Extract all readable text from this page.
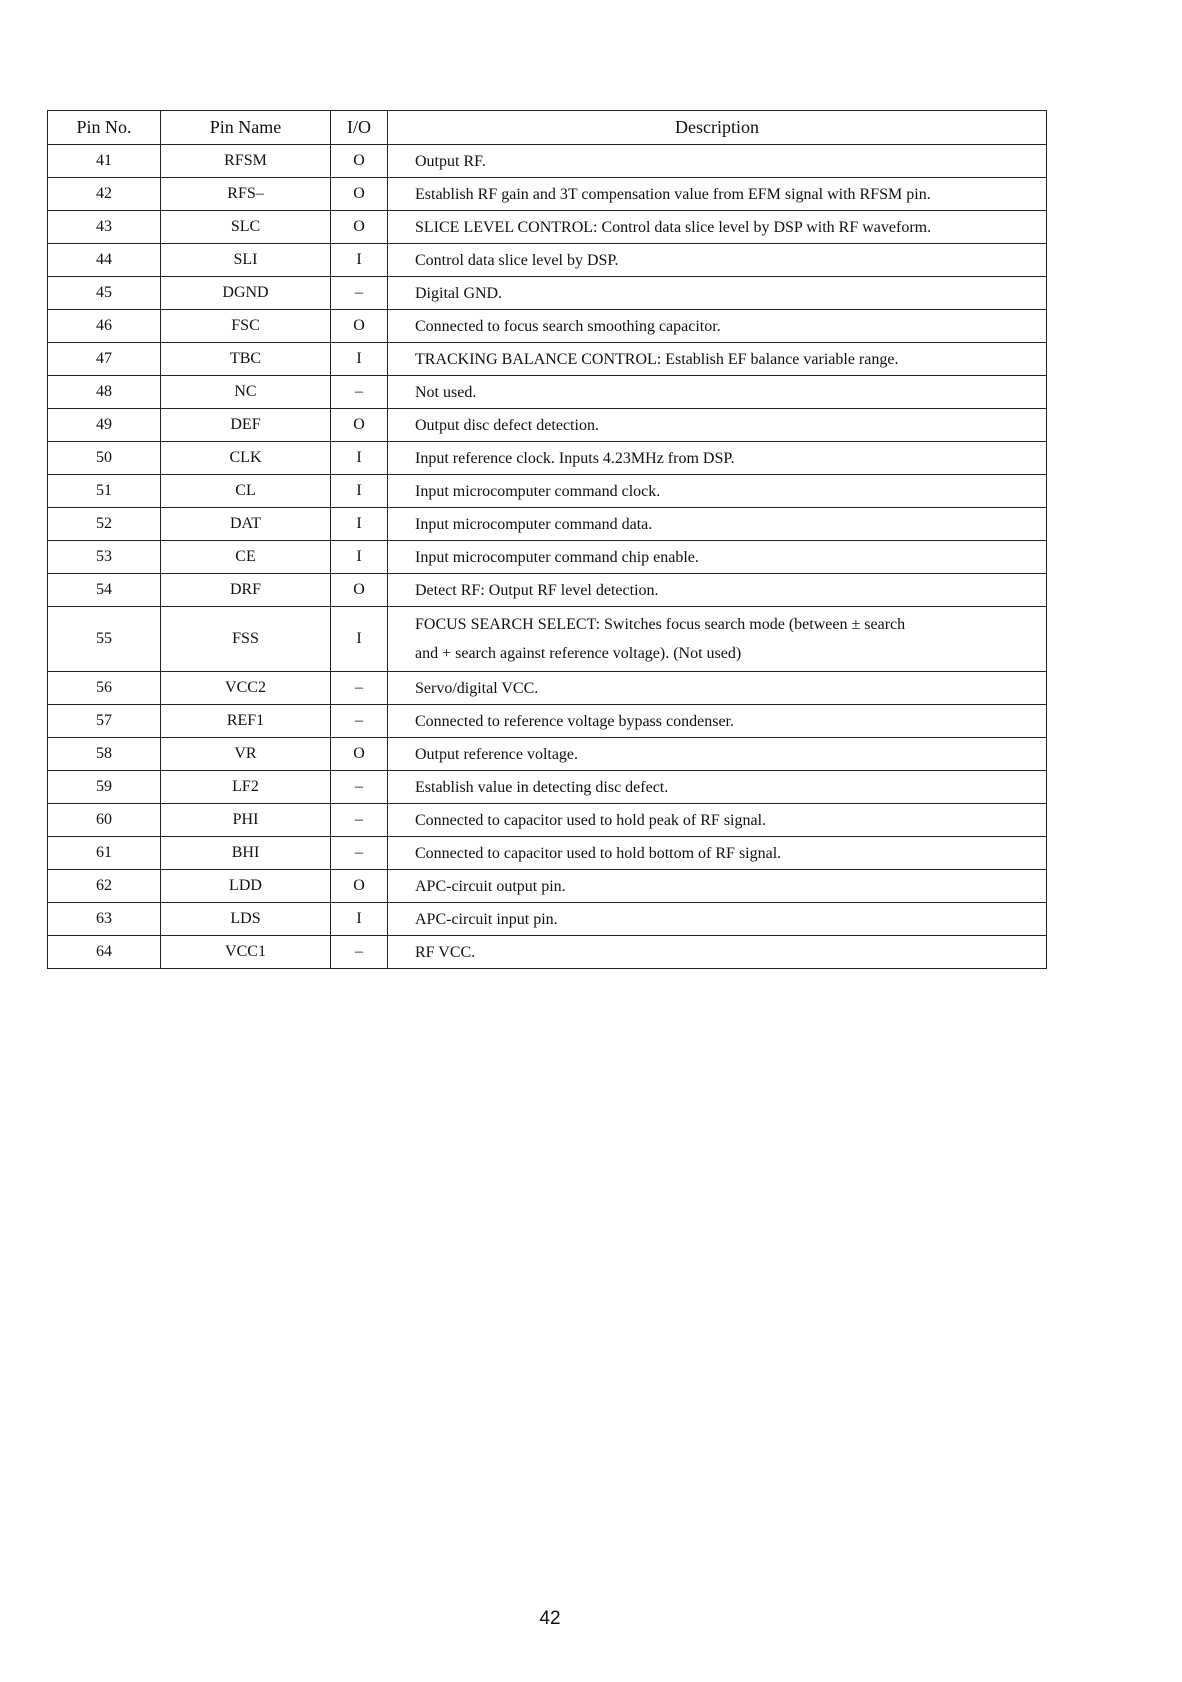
Pin No.	Pin Name	I/O	Description
41	RFSM	O	Output RF.
42	RFS–	O	Establish RF gain and 3T compensation value from EFM signal with RFSM pin.
43	SLC	O	SLICE LEVEL CONTROL: Control data slice level by DSP with RF waveform.
44	SLI	I	Control data slice level by DSP.
45	DGND	–	Digital GND.
46	FSC	O	Connected to focus search smoothing capacitor.
47	TBC	I	TRACKING BALANCE CONTROL: Establish EF balance variable range.
48	NC	–	Not used.
49	DEF	O	Output disc defect detection.
50	CLK	I	Input reference clock. Inputs 4.23MHz from DSP.
51	CL	I	Input microcomputer command clock.
52	DAT	I	Input microcomputer command data.
53	CE	I	Input microcomputer command chip enable.
54	DRF	O	Detect RF: Output RF level detection.
55	FSS	I	FOCUS SEARCH SELECT: Switches focus search mode (between ± search
and + search against reference voltage). (Not used)

56	VCC2	–	Servo/digital VCC.
57	REF1	–	Connected to reference voltage bypass condenser.
58	VR	O	Output reference voltage.
59	LF2	–	Establish value in detecting disc defect.
60	PHI	–	Connected to capacitor used to hold peak of RF signal.
61	BHI	–	Connected to capacitor used to hold bottom of RF signal.
62	LDD	O	APC-circuit output pin.
63	LDS	I	APC-circuit input pin.
64	VCC1	–	RF VCC.
42
